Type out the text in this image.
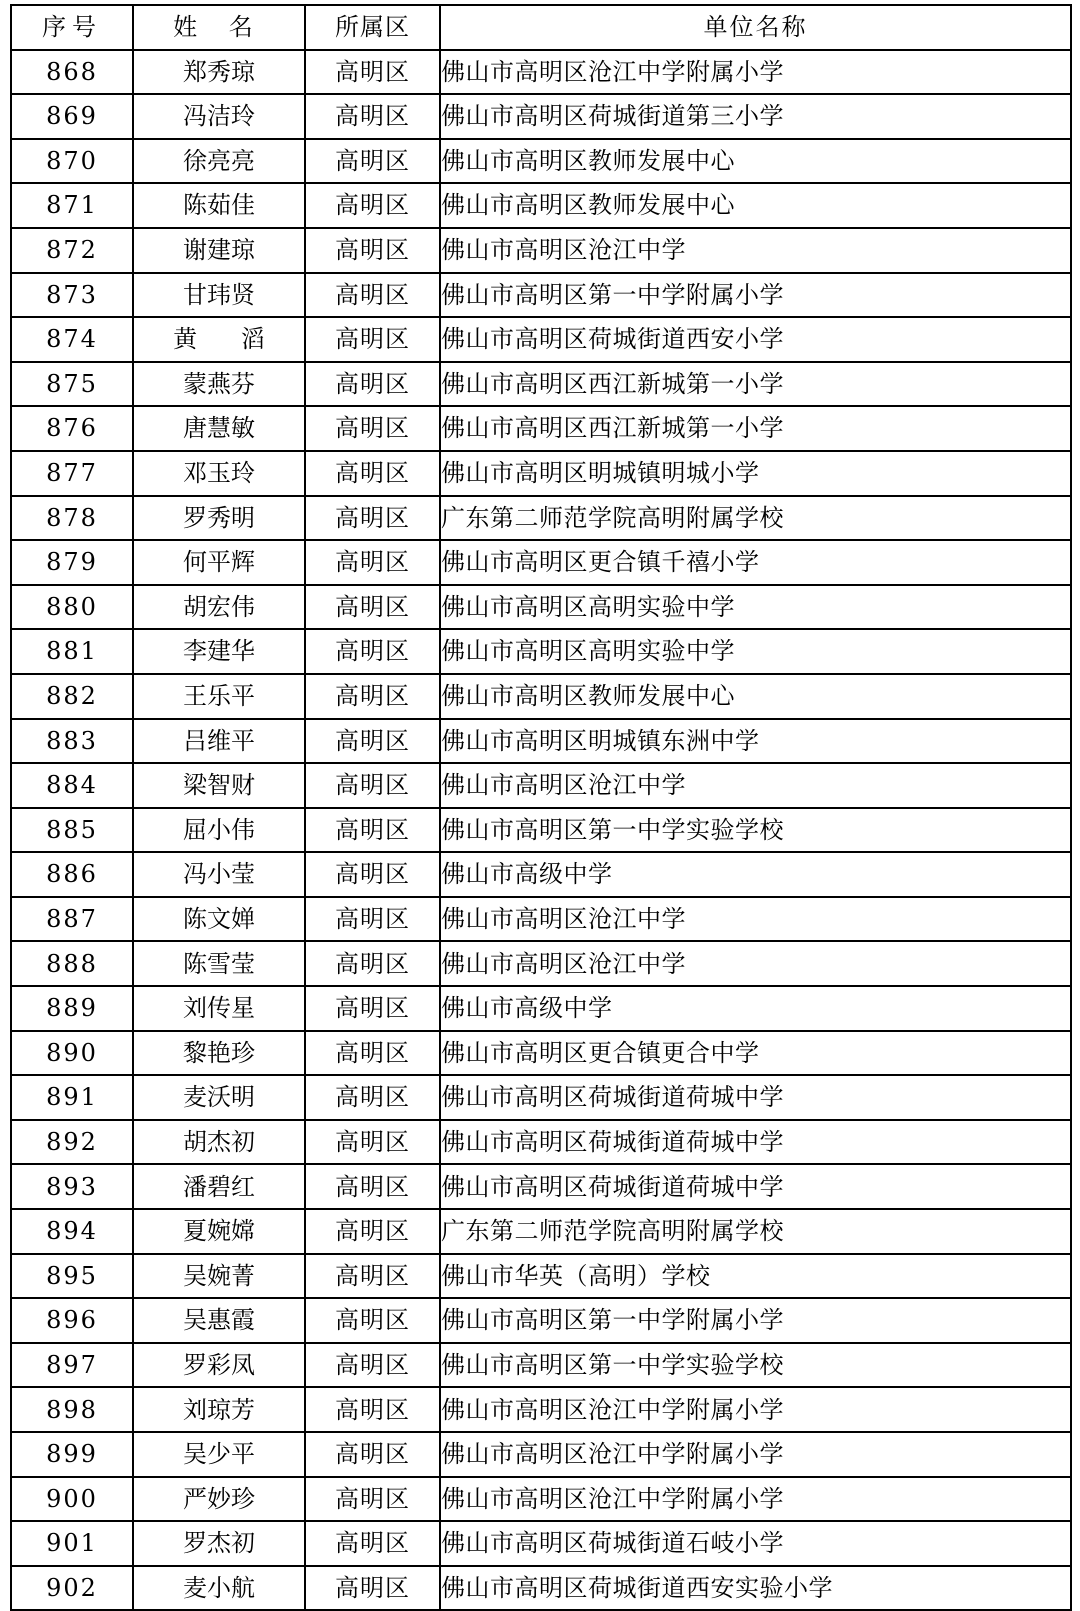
序号	姓 名	所属区	单位名称
868	郑秀琼	高明区	佛山市高明区沧江中学附属小学
869	冯洁玲	高明区	佛山市高明区荷城街道第三小学
870	徐亮亮	高明区	佛山市高明区教师发展中心
871	陈茹佳	高明区	佛山市高明区教师发展中心
872	谢建琼	高明区	佛山市高明区沧江中学
873	甘玮贤	高明区	佛山市高明区第一中学附属小学
874	黄 滔	高明区	佛山市高明区荷城街道西安小学
875	蒙燕芬	高明区	佛山市高明区西江新城第一小学
876	唐慧敏	高明区	佛山市高明区西江新城第一小学
877	邓玉玲	高明区	佛山市高明区明城镇明城小学
878	罗秀明	高明区	广东第二师范学院高明附属学校
879	何平辉	高明区	佛山市高明区更合镇千禧小学
880	胡宏伟	高明区	佛山市高明区高明实验中学
881	李建华	高明区	佛山市高明区高明实验中学
882	王乐平	高明区	佛山市高明区教师发展中心
883	吕维平	高明区	佛山市高明区明城镇东洲中学
884	梁智财	高明区	佛山市高明区沧江中学
885	屈小伟	高明区	佛山市高明区第一中学实验学校
886	冯小莹	高明区	佛山市高级中学
887	陈文婵	高明区	佛山市高明区沧江中学
888	陈雪莹	高明区	佛山市高明区沧江中学
889	刘传星	高明区	佛山市高级中学
890	黎艳珍	高明区	佛山市高明区更合镇更合中学
891	麦沃明	高明区	佛山市高明区荷城街道荷城中学
892	胡杰初	高明区	佛山市高明区荷城街道荷城中学
893	潘碧红	高明区	佛山市高明区荷城街道荷城中学
894	夏婉嫦	高明区	广东第二师范学院高明附属学校
895	吴婉菁	高明区	佛山市华英（高明）学校
896	吴惠霞	高明区	佛山市高明区第一中学附属小学
897	罗彩凤	高明区	佛山市高明区第一中学实验学校
898	刘琼芳	高明区	佛山市高明区沧江中学附属小学
899	吴少平	高明区	佛山市高明区沧江中学附属小学
900	严妙珍	高明区	佛山市高明区沧江中学附属小学
901	罗杰初	高明区	佛山市高明区荷城街道石岐小学
902	麦小航	高明区	佛山市高明区荷城街道西安实验小学
